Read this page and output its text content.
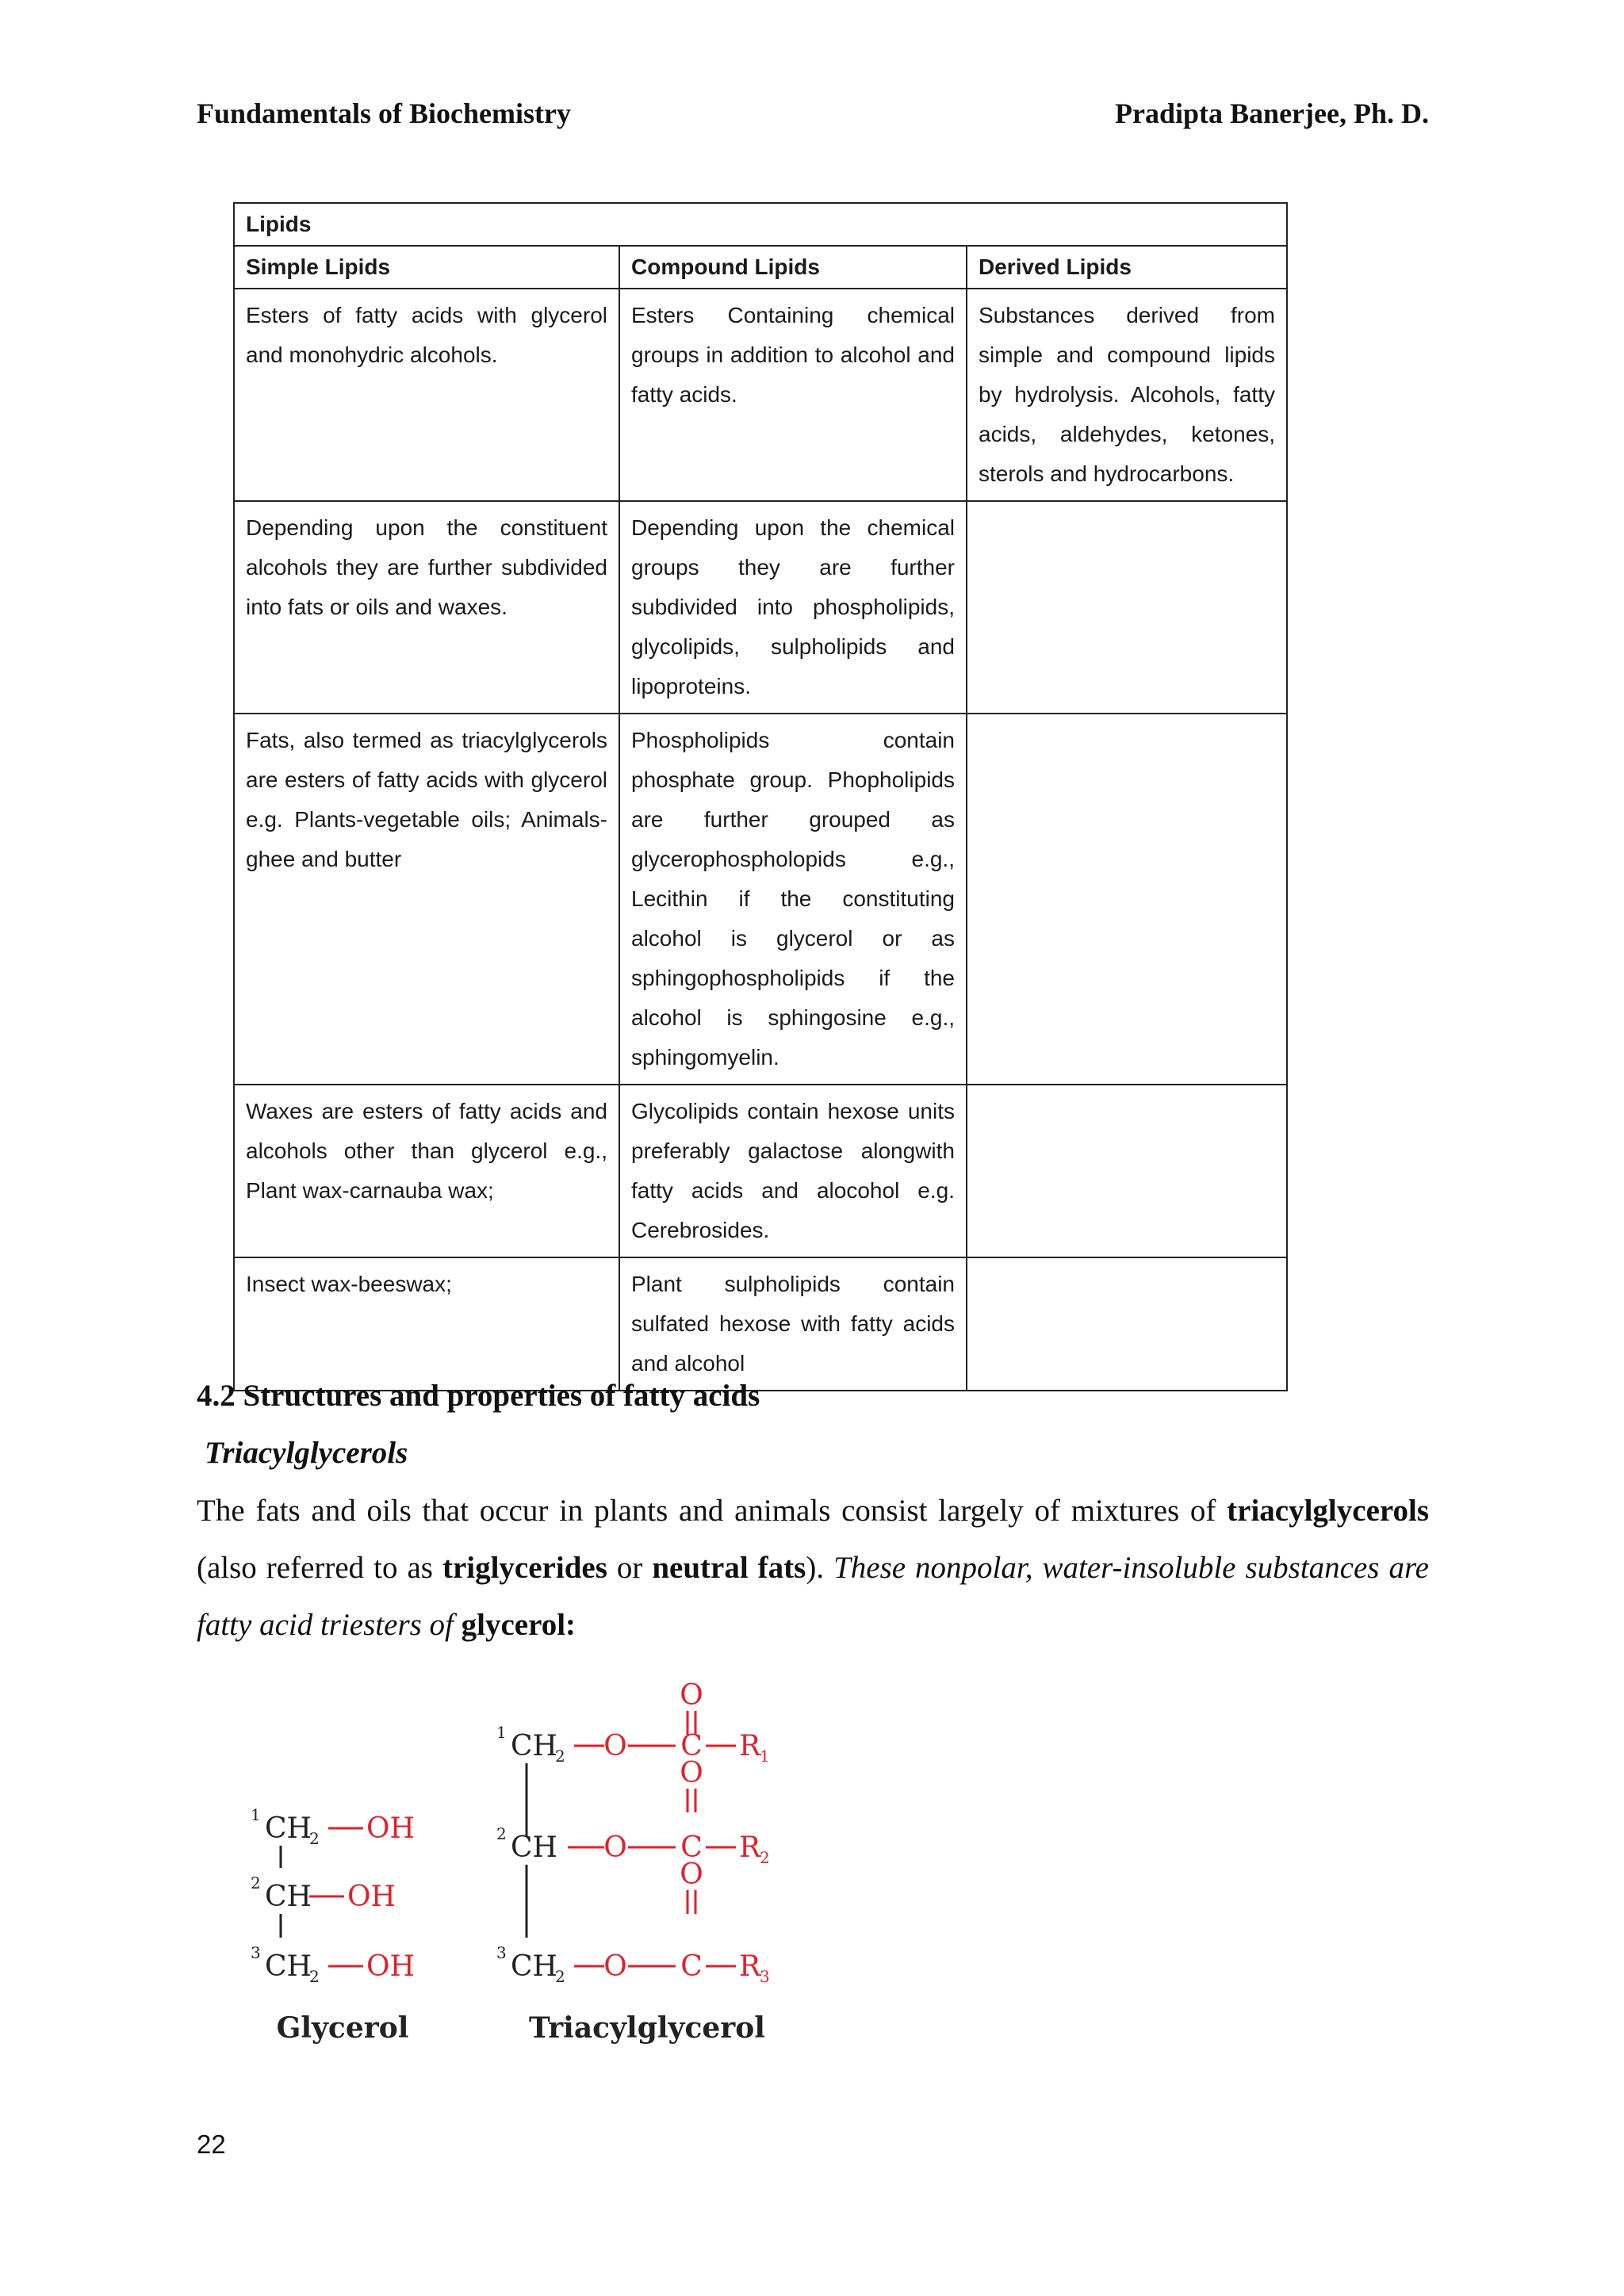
Fundamentals of Biochemistry	Pradipta Banerjee, Ph. D.
Lipids		
Simple Lipids	Compound Lipids	Derived Lipids
Esters of fatty acids with glycerol and monohydric alcohols.	Esters Containing chemical groups in addition to alcohol and fatty acids.	Substances derived from simple and compound lipids by hydrolysis. Alcohols, fatty acids, aldehydes, ketones, sterols and hydrocarbons.
Depending upon the constituent alcohols they are further subdivided into fats or oils and waxes.	Depending upon the chemical groups they are further subdivided into phospholipids, glycolipids, sulpholipids and lipoproteins.	
Fats, also termed as triacylglycerols are esters of fatty acids with glycerol e.g. Plants-vegetable oils; Animals-ghee and butter	Phospholipids contain phosphate group. Phopholipids are further grouped as glycerophospholopids e.g., Lecithin if the constituting alcohol is glycerol or as sphingophospholipids if the alcohol is sphingosine e.g., sphingomyelin.	
Waxes are esters of fatty acids and alcohols other than glycerol e.g., Plant wax-carnauba wax;	Glycolipids contain hexose units preferably galactose alongwith fatty acids and alocohol e.g. Cerebrosides.	
Insect wax-beeswax;	Plant sulpholipids contain sulfated hexose with fatty acids and alcohol	
4.2 Structures and properties of fatty acids
Triacylglycerols
The fats and oils that occur in plants and animals consist largely of mixtures of triacylglycerols (also referred to as triglycerides or neutral fats). These nonpolar, water-insoluble substances are fatty acid triesters of glycerol:
1 CH
2 OH
2 CH OH
3 CH
2 OH
Glycerol
O
1 CH
2 O C R
1
O
2 CH O C R
2
O
3 CH
2 O C R
3
Triacylglycerol
22
